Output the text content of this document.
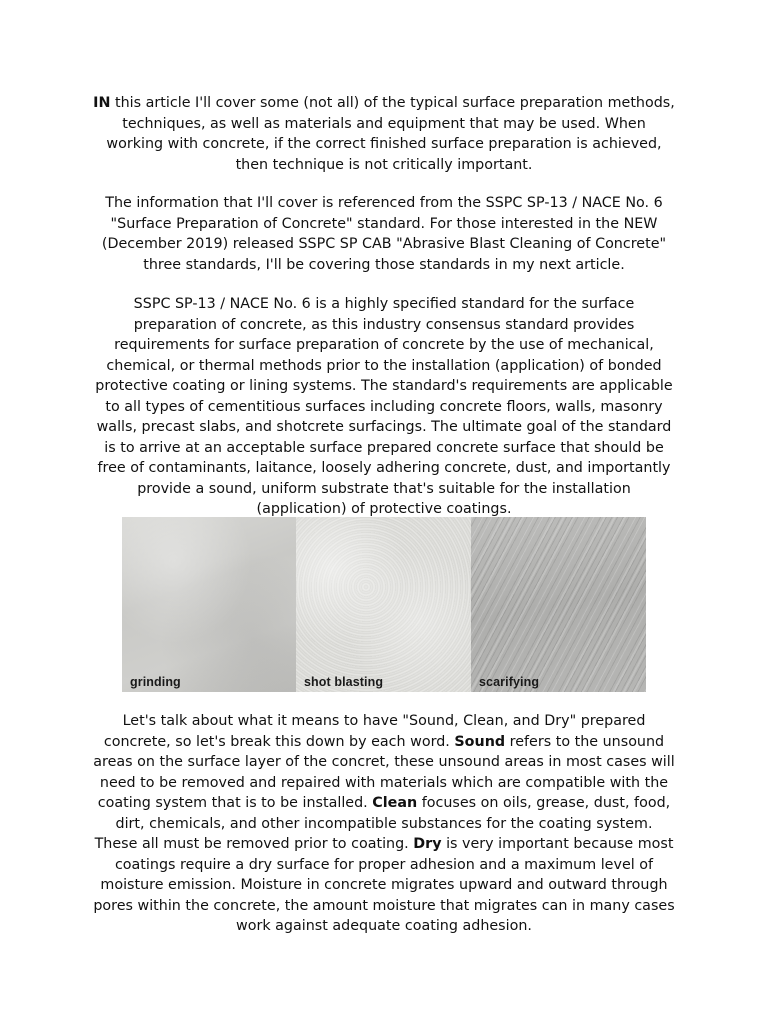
IN this article I'll cover some (not all) of the typical surface preparation methods, techniques, as well as materials and equipment that may be used. When working with concrete, if the correct finished surface preparation is achieved, then technique is not critically important.

The information that I'll cover is referenced from the SSPC SP-13 / NACE No. 6 "Surface Preparation of Concrete" standard. For those interested in the NEW (December 2019) released SSPC SP CAB "Abrasive Blast Cleaning of Concrete" three standards, I'll be covering those standards in my next article.

SSPC SP-13 / NACE No. 6 is a highly specified standard for the surface preparation of concrete, as this industry consensus standard provides requirements for surface preparation of concrete by the use of mechanical, chemical, or thermal methods prior to the installation (application) of bonded protective coating or lining systems. The standard's requirements are applicable to all types of cementitious surfaces including concrete floors, walls, masonry walls, precast slabs, and shotcrete surfacings. The ultimate goal of the standard is to arrive at an acceptable surface prepared concrete surface that should be free of contaminants, laitance, loosely adhering concrete, dust, and importantly provide a sound, uniform substrate that's suitable for the installation (application) of protective coatings.

grinding	shot blasting	scarifying

Let's talk about what it means to have "Sound, Clean, and Dry" prepared concrete, so let's break this down by each word. Sound refers to the unsound areas on the surface layer of the concret, these unsound areas in most cases will need to be removed and repaired with materials which are compatible with the coating system that is to be installed. Clean focuses on oils, grease, dust, food, dirt, chemicals, and other incompatible substances for the coating system. These all must be removed prior to coating. Dry is very important because most coatings require a dry surface for proper adhesion and a maximum level of moisture emission. Moisture in concrete migrates upward and outward through pores within the concrete, the amount moisture that migrates can in many cases work against adequate coating adhesion.
